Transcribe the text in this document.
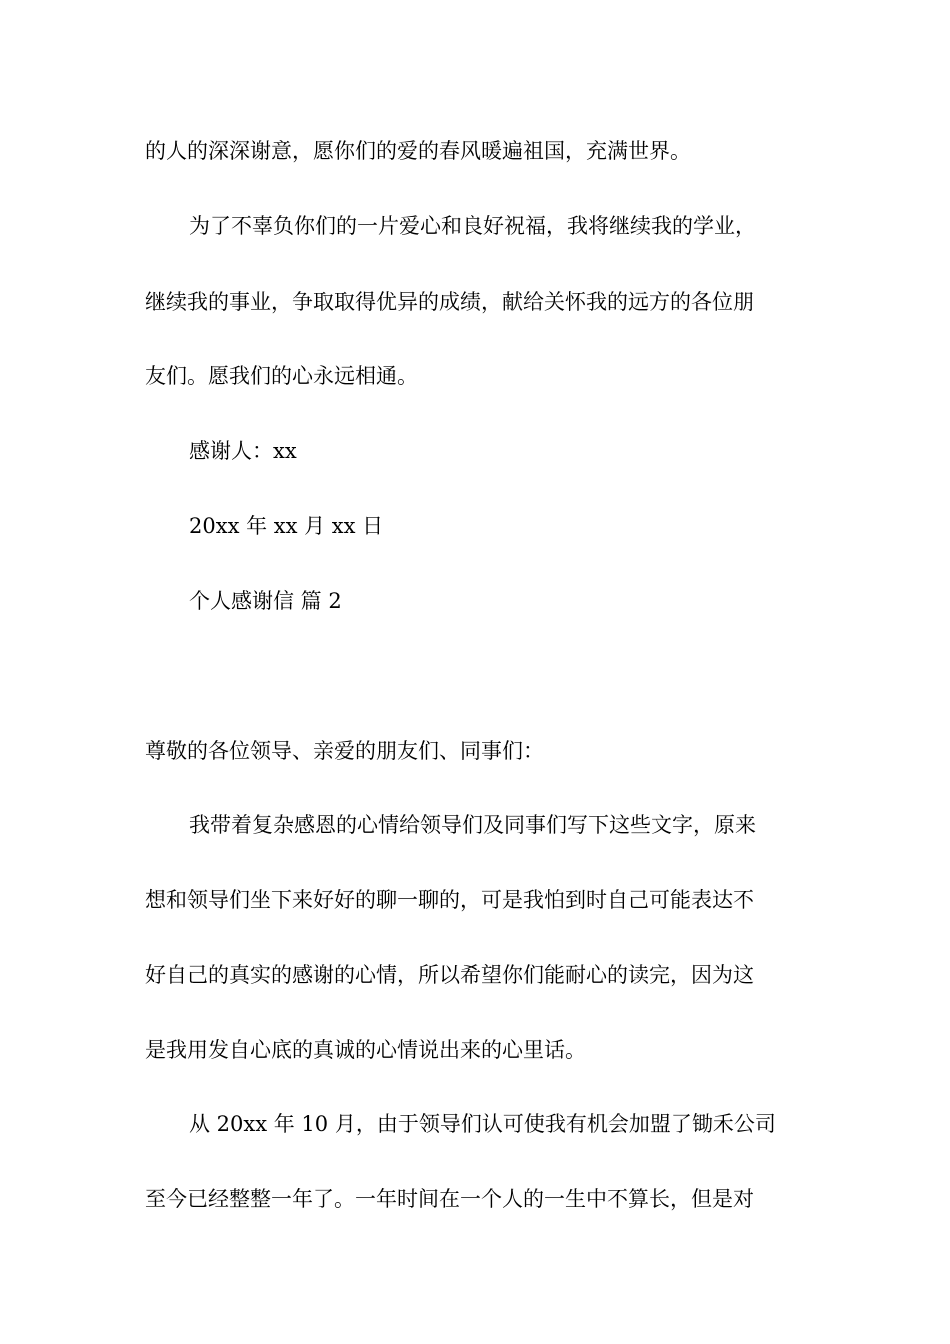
的人的深深谢意，愿你们的爱的春风暖遍祖国，充满世界。

为了不辜负你们的一片爱心和良好祝福，我将继续我的学业，

继续我的事业，争取取得优异的成绩，献给关怀我的远方的各位朋

友们。愿我们的心永远相通。

感谢人：xx

20xx 年 xx 月 xx 日

个人感谢信 篇 2

尊敬的各位领导、亲爱的朋友们、同事们：

我带着复杂感恩的心情给领导们及同事们写下这些文字，原来

想和领导们坐下来好好的聊一聊的，可是我怕到时自己可能表达不

好自己的真实的感谢的心情，所以希望你们能耐心的读完，因为这

是我用发自心底的真诚的心情说出来的心里话。

从 20xx 年 10 月，由于领导们认可使我有机会加盟了锄禾公司

至今已经整整一年了。一年时间在一个人的一生中不算长，但是对
